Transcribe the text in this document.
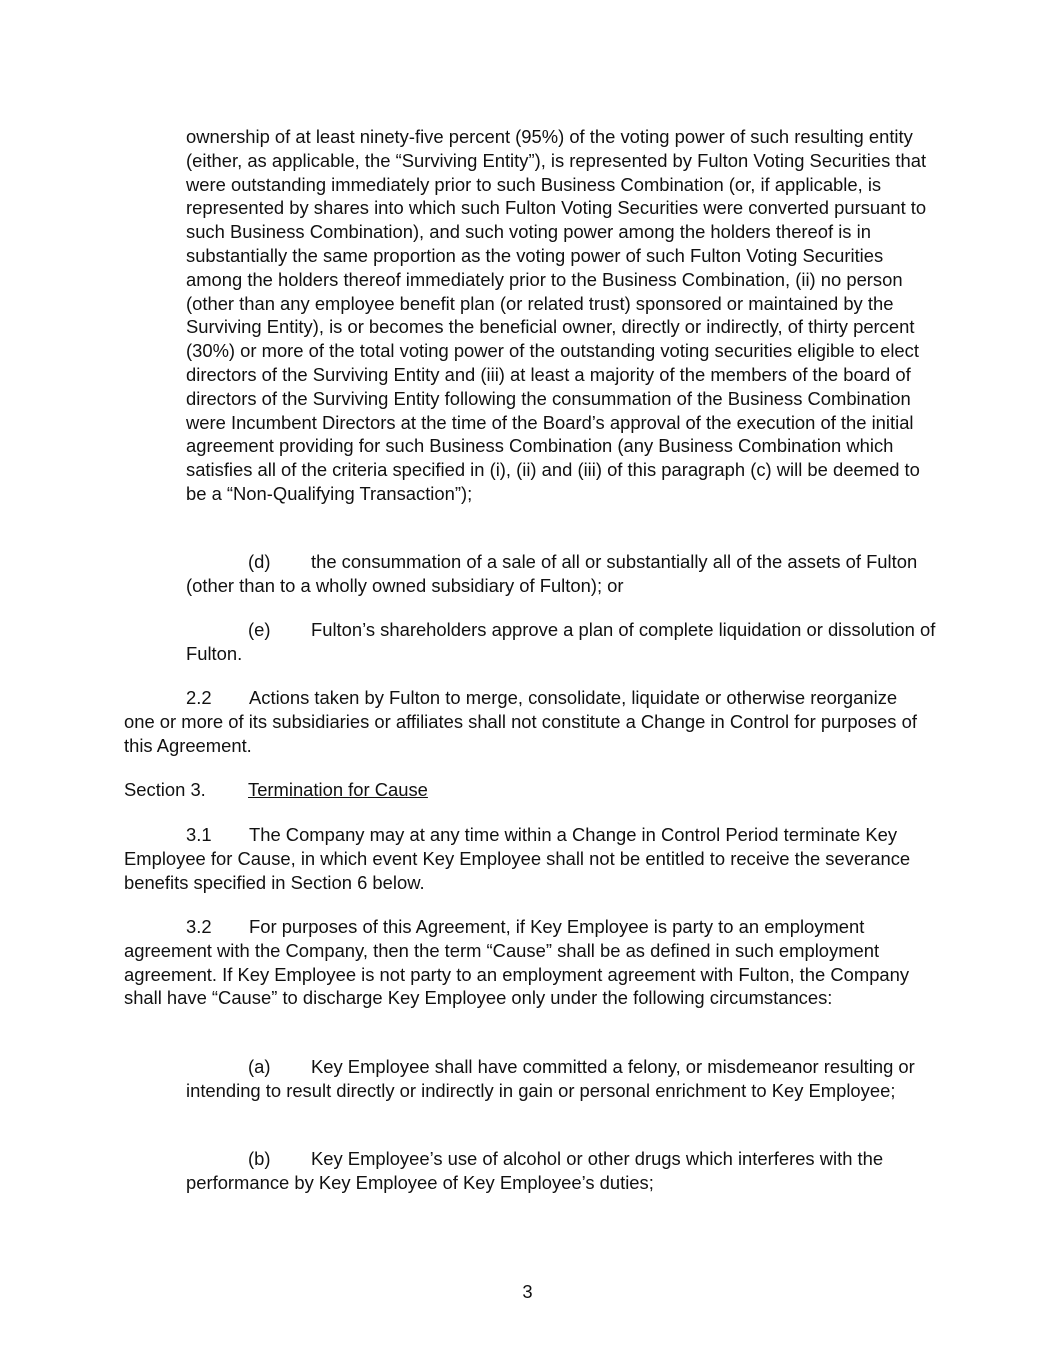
ownership of at least ninety-five percent (95%) of the voting power of such resulting entity (either, as applicable, the “Surviving Entity”), is represented by Fulton Voting Securities that were outstanding immediately prior to such Business Combination (or, if applicable, is represented by shares into which such Fulton Voting Securities were converted pursuant to such Business Combination), and such voting power among the holders thereof is in substantially the same proportion as the voting power of such Fulton Voting Securities among the holders thereof immediately prior to the Business Combination, (ii) no person (other than any employee benefit plan (or related trust) sponsored or maintained by the Surviving Entity), is or becomes the beneficial owner, directly or indirectly, of thirty percent (30%) or more of the total voting power of the outstanding voting securities eligible to elect directors of the Surviving Entity and (iii) at least a majority of the members of the board of directors of the Surviving Entity following the consummation of the Business Combination were Incumbent Directors at the time of the Board’s approval of the execution of the initial agreement providing for such Business Combination (any Business Combination which satisfies all of the criteria specified in (i), (ii) and (iii) of this paragraph (c) will be deemed to be a “Non-Qualifying Transaction”);

(d) the consummation of a sale of all or substantially all of the assets of Fulton (other than to a wholly owned subsidiary of Fulton); or

(e) Fulton’s shareholders approve a plan of complete liquidation or dissolution of Fulton.

2.2 Actions taken by Fulton to merge, consolidate, liquidate or otherwise reorganize one or more of its subsidiaries or affiliates shall not constitute a Change in Control for purposes of this Agreement.

Section 3. Termination for Cause

3.1 The Company may at any time within a Change in Control Period terminate Key Employee for Cause, in which event Key Employee shall not be entitled to receive the severance benefits specified in Section 6 below.

3.2 For purposes of this Agreement, if Key Employee is party to an employment agreement with the Company, then the term “Cause” shall be as defined in such employment agreement. If Key Employee is not party to an employment agreement with Fulton, the Company shall have “Cause” to discharge Key Employee only under the following circumstances:

(a) Key Employee shall have committed a felony, or misdemeanor resulting or intending to result directly or indirectly in gain or personal enrichment to Key Employee;

(b) Key Employee’s use of alcohol or other drugs which interferes with the performance by Key Employee of Key Employee’s duties;

3
